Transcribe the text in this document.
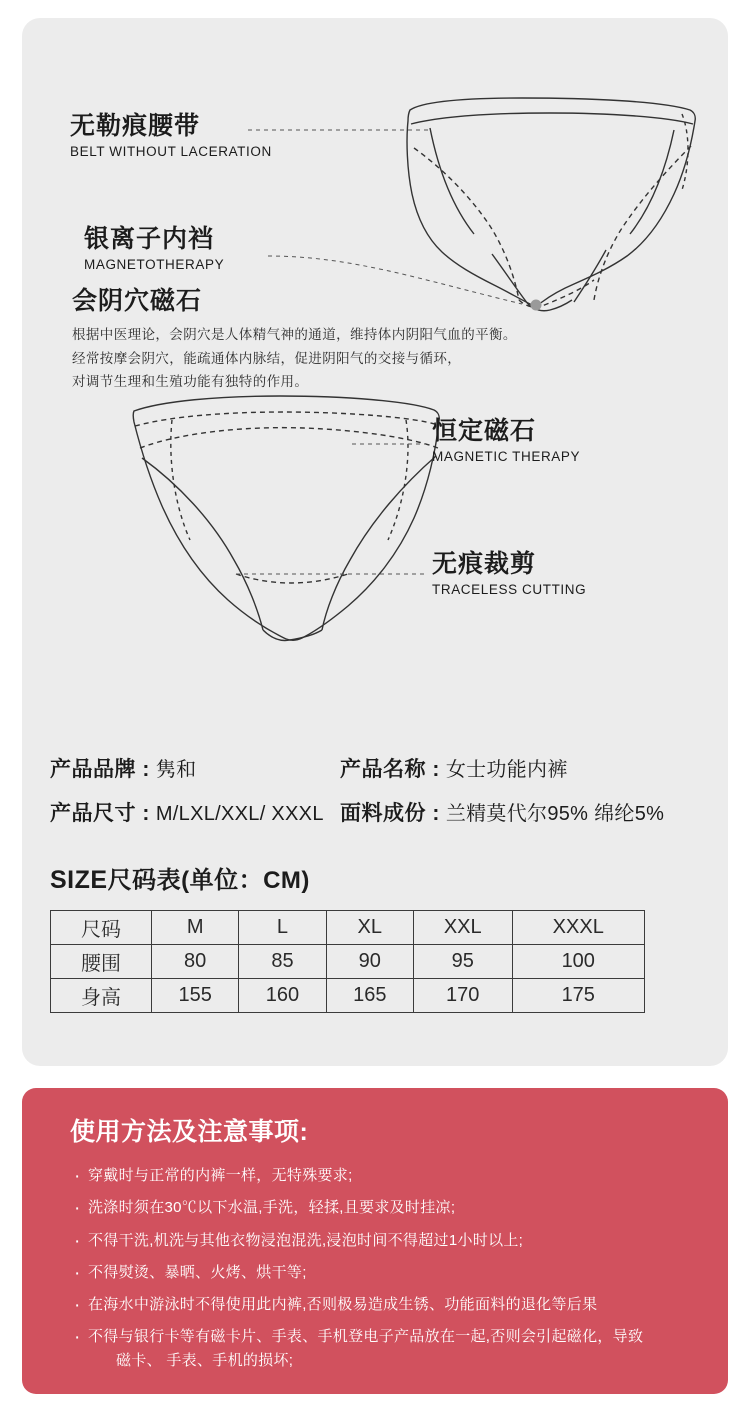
无勒痕腰带
BELT WITHOUT LACERATION
银离子内裆
MAGNETOTHERAPY
会阴穴磁石
根据中医理论，会阴穴是人体精气神的通道，维持体内阴阳气血的平衡。
经常按摩会阴穴，能疏通体内脉结，促进阴阳气的交接与循环，
对调节生理和生殖功能有独特的作用。
恒定磁石
MAGNETIC THERAPY
无痕裁剪
TRACELESS CUTTING
产品品牌 : 隽和	产品名称 : 女士功能内裤
产品尺寸 : M/LXL/XXL/ XXXL 面料成份 : 兰精莫代尔95% 绵纶5%
SIZE尺码表(单位：CM)
尺码	M	L	XL	XXL	XXXL
腰围	80	85	90	95	100
身高	155	160	165	170	175
使用方法及注意事项:
· 穿戴时与正常的内裤一样，无特殊要求;
· 洗涤时须在30℃以下水温,手洗，轻揉,且要求及时挂凉;
· 不得干洗,机洗与其他衣物浸泡混洗,浸泡时间不得超过1小时以上;
· 不得熨烫、暴晒、火烤、烘干等;
· 在海水中游泳时不得使用此内裤,否则极易造成生锈、功能面料的退化等后果
· 不得与银行卡等有磁卡片、手表、手机登电子产品放在一起,否则会引起磁化，导致
磁卡、 手表、手机的损坏;
